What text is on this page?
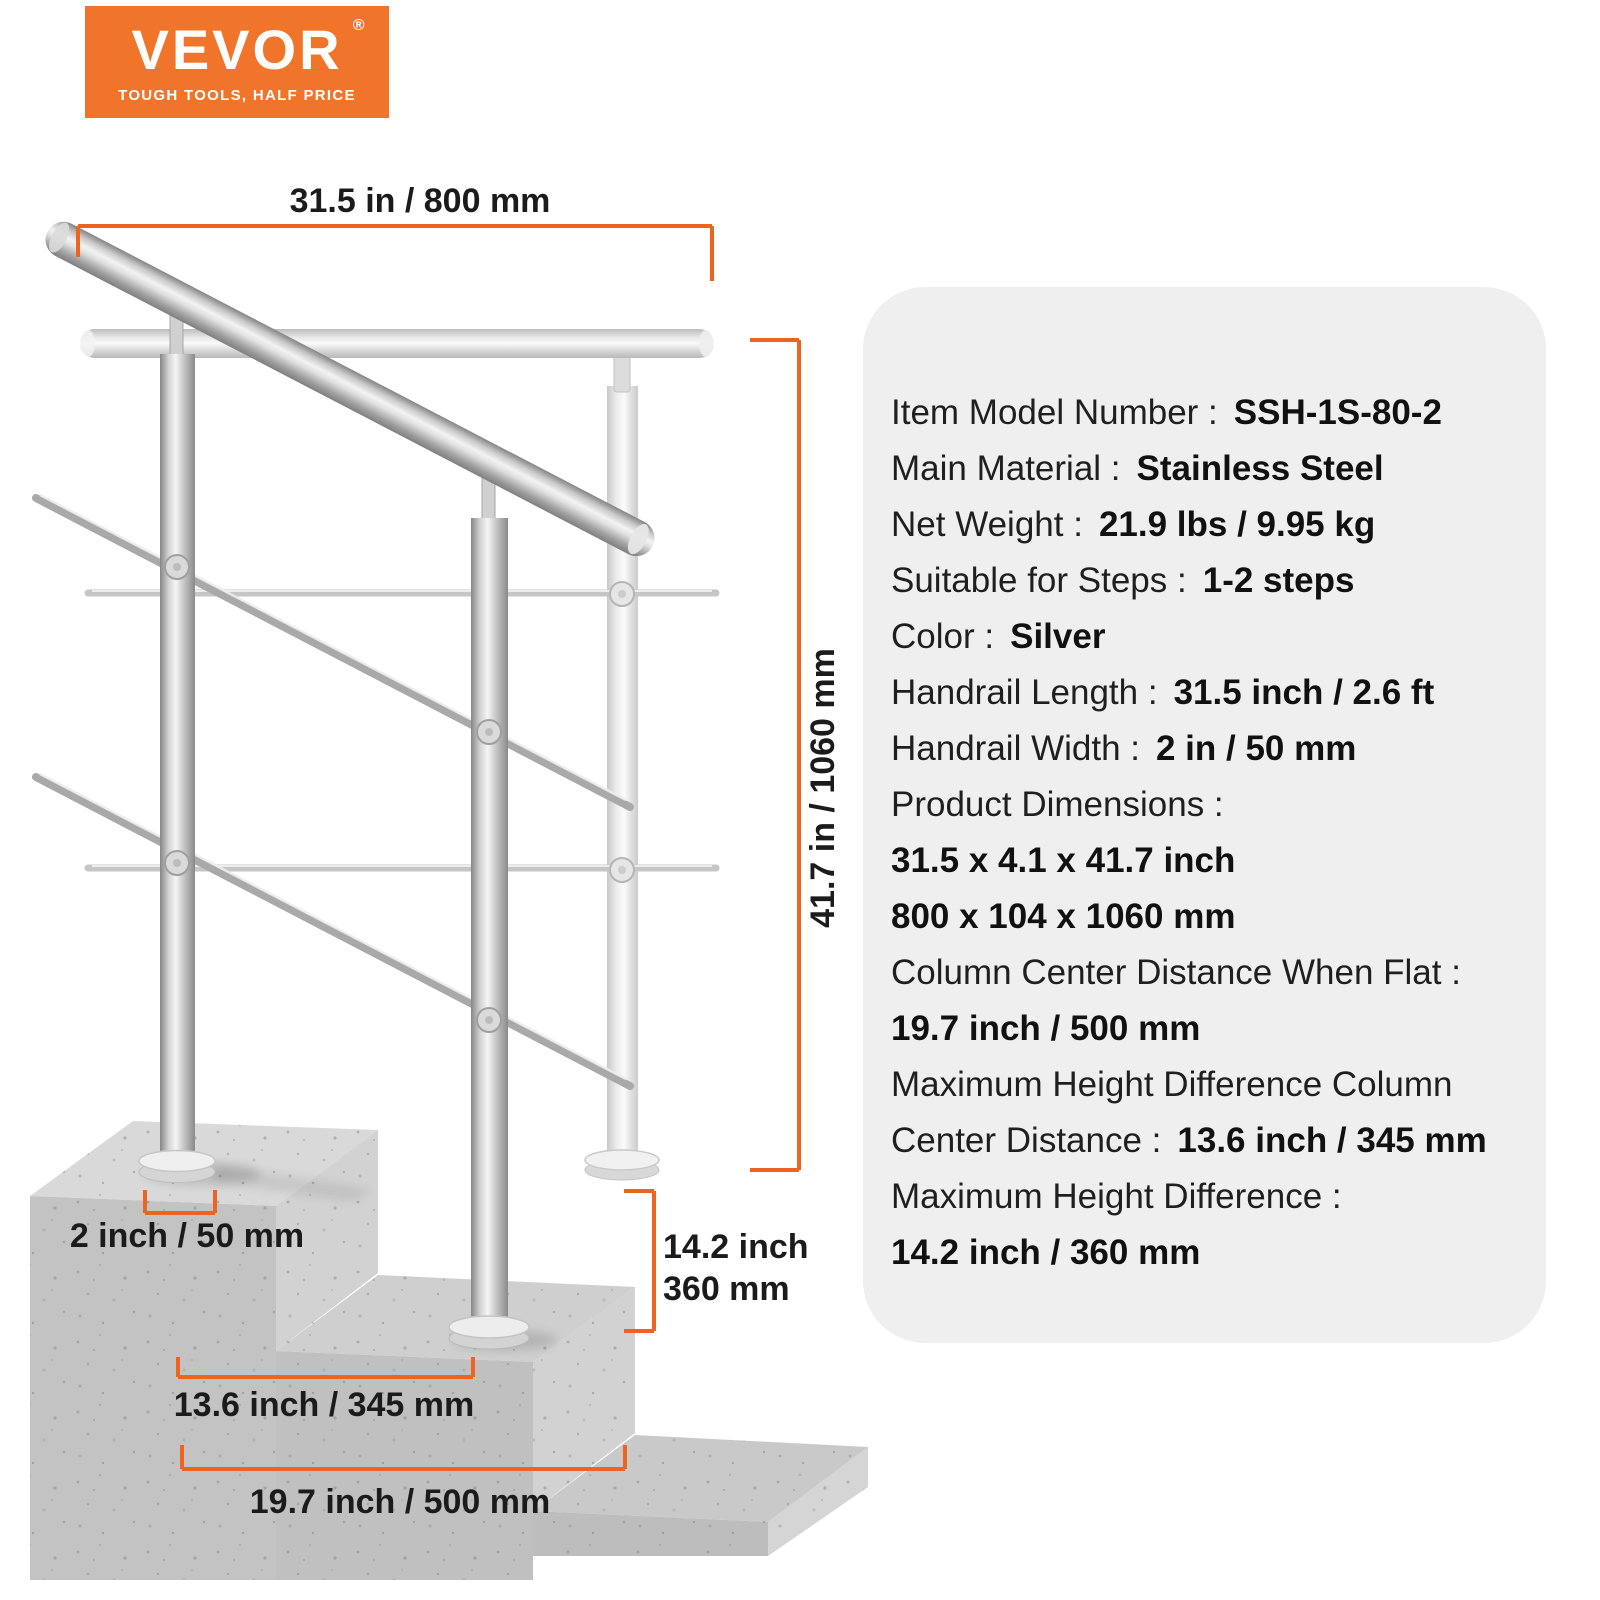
VEVOR ®
TOUGH TOOLS, HALF PRICE
31.5 in / 800 mm
41.7 in / 1060 mm
2 inch / 50 mm	14.2 inch
360 mm
13.6 inch / 345 mm
19.7 inch / 500 mm
Item Model Number : SSH-1S-80-2
Main Material : Stainless Steel
Net Weight : 21.9 lbs / 9.95 kg
Suitable for Steps : 1-2 steps
Color : Silver
Handrail Length : 31.5 inch / 2.6 ft
Handrail Width : 2 in / 50 mm
Product Dimensions :
31.5 x 4.1 x 41.7 inch
800 x 104 x 1060 mm
Column Center Distance When Flat :
19.7 inch / 500 mm
Maximum Height Difference Column
Center Distance : 13.6 inch / 345 mm
Maximum Height Difference :
14.2 inch / 360 mm
